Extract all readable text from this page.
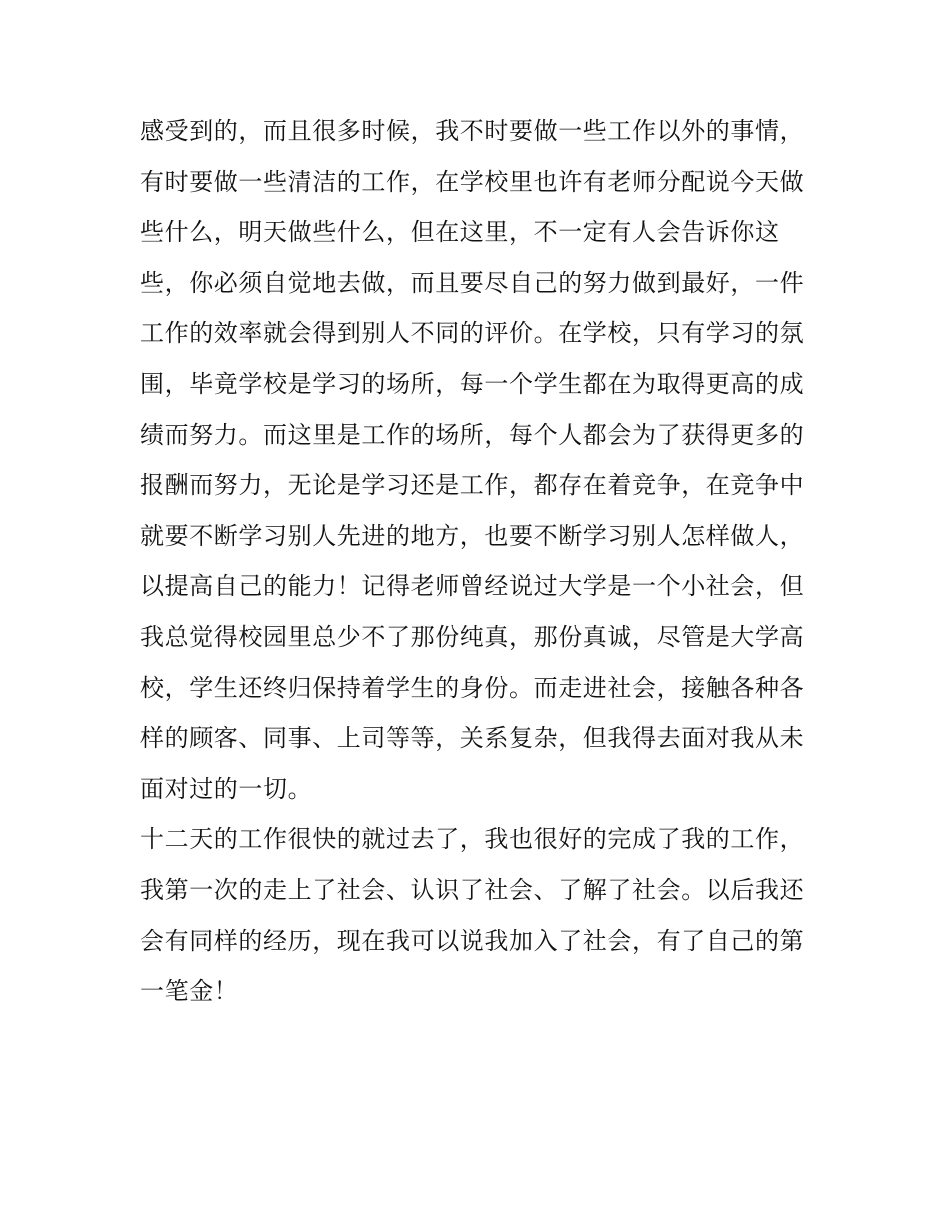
感受到的，而且很多时候，我不时要做一些工作以外的事情，
有时要做一些清洁的工作，在学校里也许有老师分配说今天做
些什么，明天做些什么，但在这里，不一定有人会告诉你这
些，你必须自觉地去做，而且要尽自己的努力做到最好，一件
工作的效率就会得到别人不同的评价。在学校，只有学习的氛
围，毕竟学校是学习的场所，每一个学生都在为取得更高的成
绩而努力。而这里是工作的场所，每个人都会为了获得更多的
报酬而努力，无论是学习还是工作，都存在着竞争，在竞争中
就要不断学习别人先进的地方，也要不断学习别人怎样做人，
以提高自己的能力！记得老师曾经说过大学是一个小社会，但
我总觉得校园里总少不了那份纯真，那份真诚，尽管是大学高
校，学生还终归保持着学生的身份。而走进社会，接触各种各
样的顾客、同事、上司等等，关系复杂，但我得去面对我从未
面对过的一切。
十二天的工作很快的就过去了，我也很好的完成了我的工作，
我第一次的走上了社会、认识了社会、了解了社会。以后我还
会有同样的经历，现在我可以说我加入了社会，有了自己的第
一笔金！
